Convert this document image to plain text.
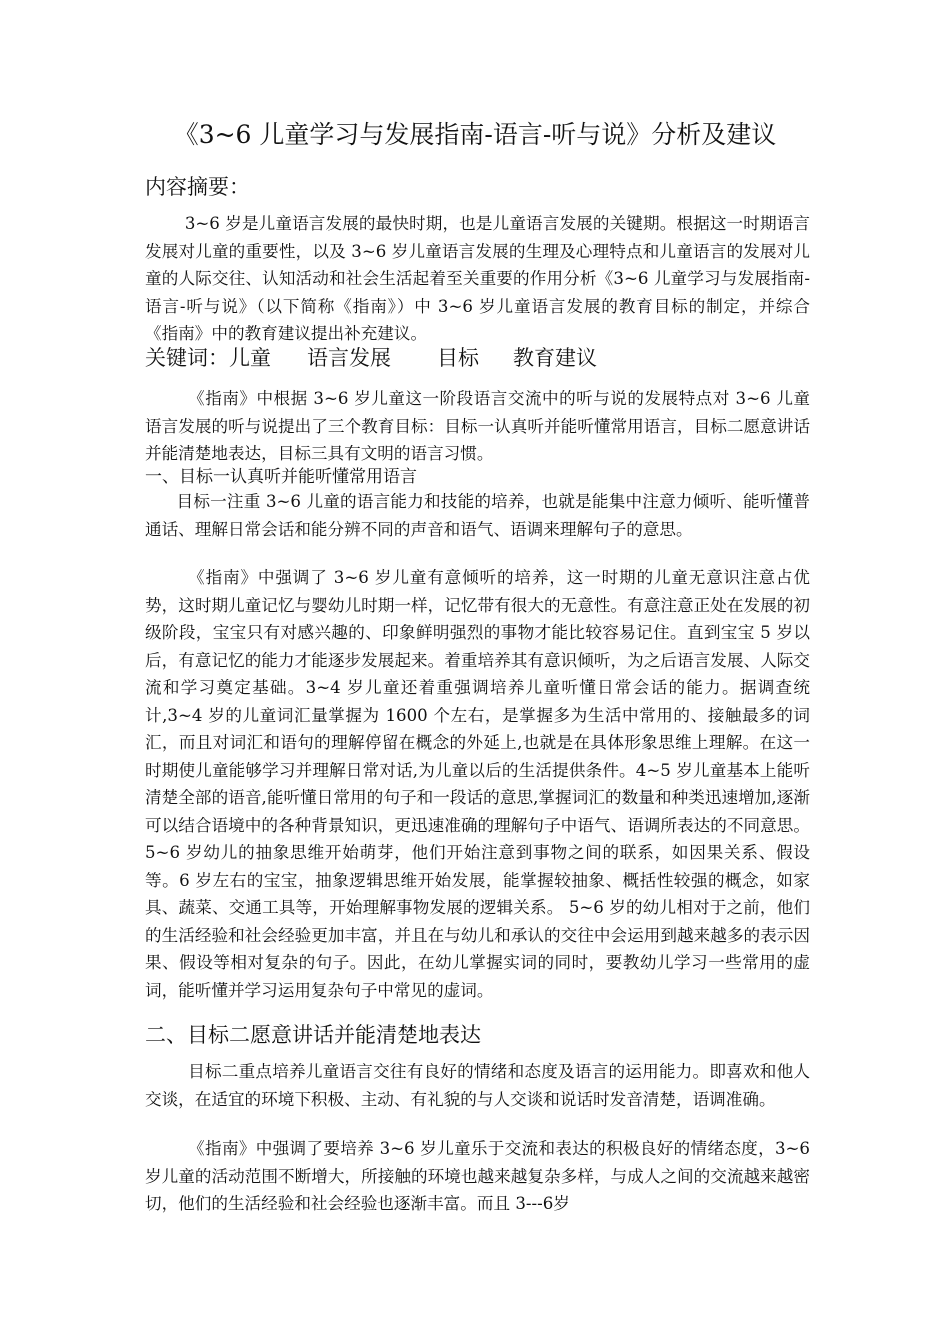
《3~6 儿童学习与发展指南-语言-听与说》分析及建议
内容摘要：

3~6 岁是儿童语言发展的最快时期，也是儿童语言发展的关键期。根据这一时期语言发展对儿童的重要性，以及 3~6 岁儿童语言发展的生理及心理特点和儿童语言的发展对儿童的人际交往、认知活动和社会生活起着至关重要的作用分析《3~6 儿童学习与发展指南-语言-听与说》（以下简称《指南》）中 3~6 岁儿童语言发展的教育目标的制定，并综合《指南》中的教育建议提出补充建议。

关键词：儿童 语言发展 目标 教育建议

《指南》中根据 3~6 岁儿童这一阶段语言交流中的听与说的发展特点对 3~6 儿童语言发展的听与说提出了三个教育目标：目标一认真听并能听懂常用语言，目标二愿意讲话并能清楚地表达，目标三具有文明的语言习惯。

一、目标一认真听并能听懂常用语言

目标一注重 3~6 儿童的语言能力和技能的培养，也就是能集中注意力倾听、能听懂普通话、理解日常会话和能分辨不同的声音和语气、语调来理解句子的意思。

《指南》中强调了 3~6 岁儿童有意倾听的培养，这一时期的儿童无意识注意占优势，这时期儿童记忆与婴幼儿时期一样，记忆带有很大的无意性。有意注意正处在发展的初级阶段，宝宝只有对感兴趣的、印象鲜明强烈的事物才能比较容易记住。直到宝宝 5 岁以后，有意记忆的能力才能逐步发展起来。着重培养其有意识倾听，为之后语言发展、人际交流和学习奠定基础。3~4 岁儿童还着重强调培养儿童听懂日常会话的能力。据调查统计,3~4 岁的儿童词汇量掌握为 1600 个左右，是掌握多为生活中常用的、接触最多的词汇，而且对词汇和语句的理解停留在概念的外延上,也就是在具体形象思维上理解。在这一时期使儿童能够学习并理解日常对话,为儿童以后的生活提供条件。4~5 岁儿童基本上能听清楚全部的语音,能听懂日常用的句子和一段话的意思,掌握词汇的数量和种类迅速增加,逐渐可以结合语境中的各种背景知识，更迅速准确的理解句子中语气、语调所表达的不同意思。5~6 岁幼儿的抽象思维开始萌芽，他们开始注意到事物之间的联系，如因果关系、假设等。6 岁左右的宝宝，抽象逻辑思维开始发展，能掌握较抽象、概括性较强的概念，如家具、蔬菜、交通工具等，开始理解事物发展的逻辑关系。 5~6 岁的幼儿相对于之前，他们的生活经验和社会经验更加丰富，并且在与幼儿和承认的交往中会运用到越来越多的表示因果、假设等相对复杂的句子。因此，在幼儿掌握实词的同时，要教幼儿学习一些常用的虚词，能听懂并学习运用复杂句子中常见的虚词。

二、目标二愿意讲话并能清楚地表达

目标二重点培养儿童语言交往有良好的情绪和态度及语言的运用能力。即喜欢和他人交谈，在适宜的环境下积极、主动、有礼貌的与人交谈和说话时发音清楚，语调准确。

《指南》中强调了要培养 3~6 岁儿童乐于交流和表达的积极良好的情绪态度，3~6 岁儿童的活动范围不断增大，所接触的环境也越来越复杂多样，与成人之间的交流越来越密切，他们的生活经验和社会经验也逐渐丰富。而且 3---6岁
